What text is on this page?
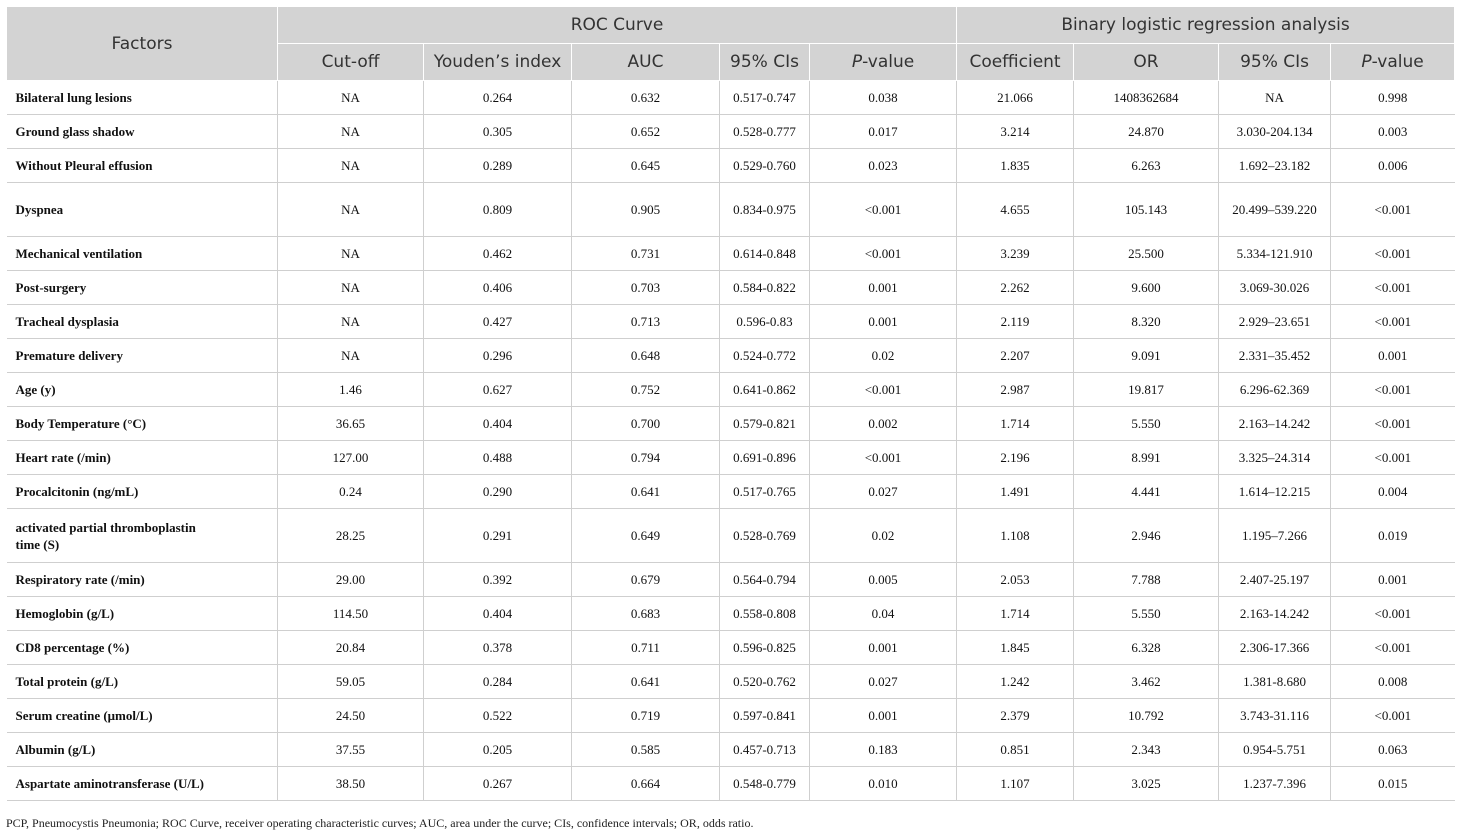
Factors	ROC Curve					Binary logistic regression analysis			
	Cut-off	Youden’s index	AUC	95% CIs	P-value	Coefficient	OR	95% CIs	P-value
Bilateral lung lesions	NA	0.264	0.632	0.517-0.747	0.038	21.066	1408362684	NA	0.998
Ground glass shadow	NA	0.305	0.652	0.528-0.777	0.017	3.214	24.870	3.030-204.134	0.003
Without Pleural effusion	NA	0.289	0.645	0.529-0.760	0.023	1.835	6.263	1.692–23.182	0.006
Dyspnea	NA	0.809	0.905	0.834-0.975	<0.001	4.655	105.143	20.499–539.220	<0.001
Mechanical ventilation	NA	0.462	0.731	0.614-0.848	<0.001	3.239	25.500	5.334-121.910	<0.001
Post-surgery	NA	0.406	0.703	0.584-0.822	0.001	2.262	9.600	3.069-30.026	<0.001
Tracheal dysplasia	NA	0.427	0.713	0.596-0.83	0.001	2.119	8.320	2.929–23.651	<0.001
Premature delivery	NA	0.296	0.648	0.524-0.772	0.02	2.207	9.091	2.331–35.452	0.001
Age (y)	1.46	0.627	0.752	0.641-0.862	<0.001	2.987	19.817	6.296-62.369	<0.001
Body Temperature (°C)	36.65	0.404	0.700	0.579-0.821	0.002	1.714	5.550	2.163–14.242	<0.001
Heart rate (/min)	127.00	0.488	0.794	0.691-0.896	<0.001	2.196	8.991	3.325–24.314	<0.001
Procalcitonin (ng/mL)	0.24	0.290	0.641	0.517-0.765	0.027	1.491	4.441	1.614–12.215	0.004

activated partial thromboplastin time (S)	28.25	0.291	0.649	0.528-0.769	0.02	1.108	2.946	1.195–7.266	0.019
Respiratory rate (/min)	29.00	0.392	0.679	0.564-0.794	0.005	2.053	7.788	2.407-25.197	0.001
Hemoglobin (g/L)	114.50	0.404	0.683	0.558-0.808	0.04	1.714	5.550	2.163-14.242	<0.001
CD8 percentage (%)	20.84	0.378	0.711	0.596-0.825	0.001	1.845	6.328	2.306-17.366	<0.001
Total protein (g/L)	59.05	0.284	0.641	0.520-0.762	0.027	1.242	3.462	1.381-8.680	0.008
Serum creatine (μmol/L)	24.50	0.522	0.719	0.597-0.841	0.001	2.379	10.792	3.743-31.116	<0.001
Albumin (g/L)	37.55	0.205	0.585	0.457-0.713	0.183	0.851	2.343	0.954-5.751	0.063
Aspartate aminotransferase (U/L)	38.50	0.267	0.664	0.548-0.779	0.010	1.107	3.025	1.237-7.396	0.015
PCP, Pneumocystis Pneumonia; ROC Curve, receiver operating characteristic curves; AUC, area under the curve; CIs, confidence intervals; OR, odds ratio.
